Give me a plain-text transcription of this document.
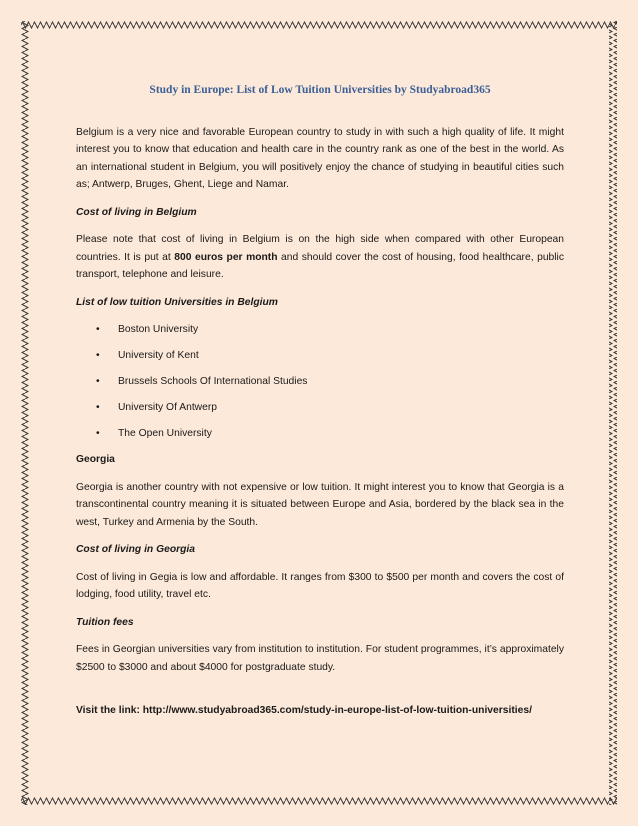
Study in Europe: List of Low Tuition Universities by Studyabroad365

Belgium is a very nice and favorable European country to study in with such a high quality of life. It might interest you to know that education and health care in the country rank as one of the best in the world. As an international student in Belgium, you will positively enjoy the chance of studying in beautiful cities such as; Antwerp, Bruges, Ghent, Liege and Namar.

Cost of living in Belgium

Please note that cost of living in Belgium is on the high side when compared with other European countries. It is put at 800 euros per month and should cover the cost of housing, food healthcare, public transport, telephone and leisure.

List of low tuition Universities in Belgium
• Boston University
• University of Kent
• Brussels Schools Of International Studies
• University Of Antwerp
• The Open University
Georgia

Georgia is another country with not expensive or low tuition. It might interest you to know that Georgia is a transcontinental country meaning it is situated between Europe and Asia, bordered by the black sea in the west, Turkey and Armenia by the South.

Cost of living in Georgia

Cost of living in Gegia is low and affordable. It ranges from $300 to $500 per month and covers the cost of lodging, food utility, travel etc.

Tuition fees

Fees in Georgian universities vary from institution to institution. For student programmes, it’s approximately $2500 to $3000 and about $4000 for postgraduate study.

Visit the link: http://www.studyabroad365.com/study-in-europe-list-of-low-tuition-universities/
